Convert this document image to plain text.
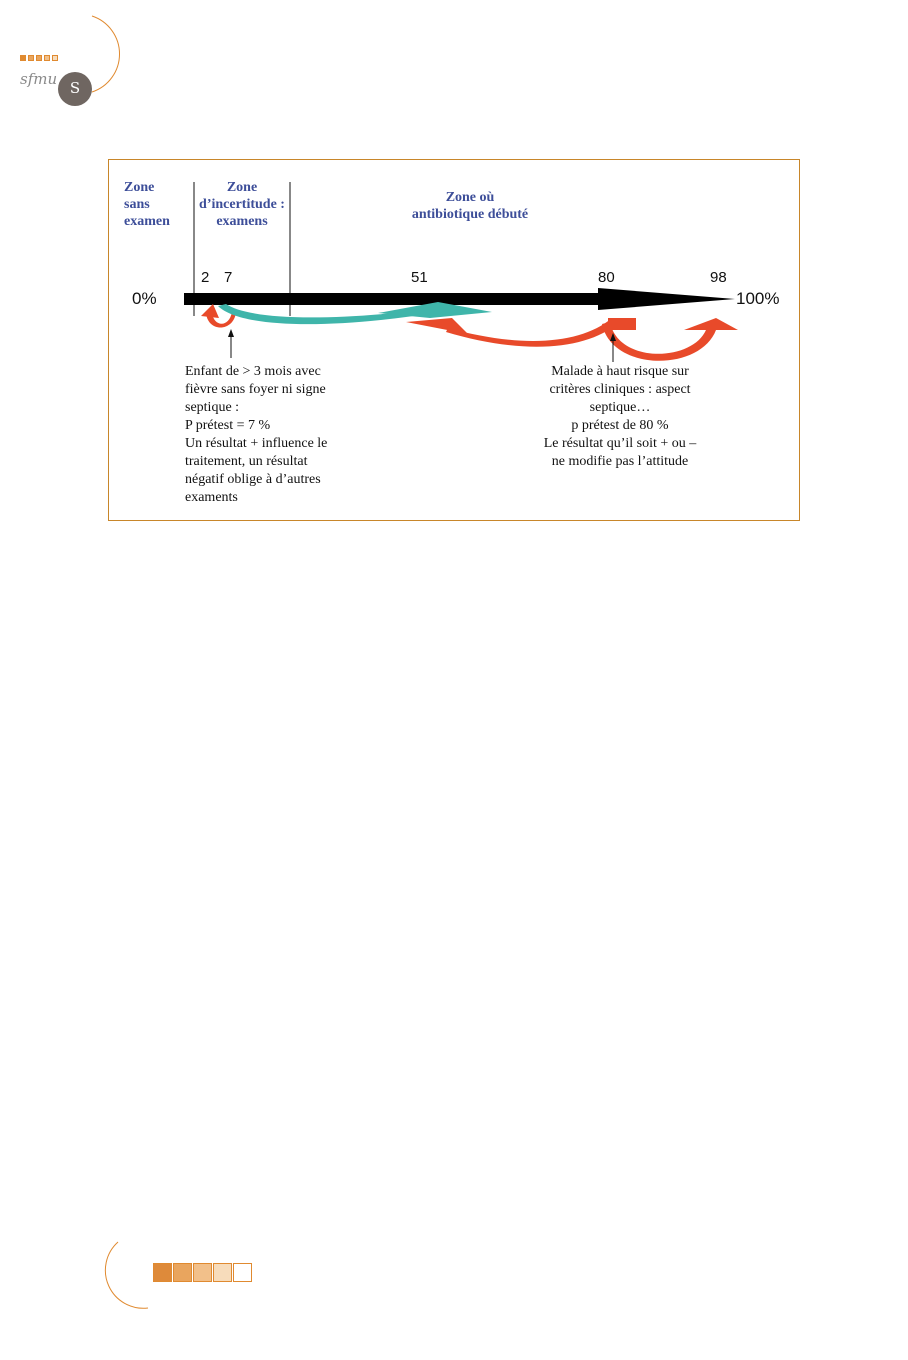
sfmu S
Zone
sans
examen
Zone
d’incertitude :
examens
Zone où
antibiotique débuté
2 7	51	80	98
0%	100%
Enfant de > 3 mois avec
fièvre sans foyer ni signe
septique :
P prétest = 7 %
Un résultat + influence le
traitement, un résultat
négatif oblige à d’autres
examents
Malade à haut risque sur
critères cliniques : aspect
septique…
p prétest de 80 %
Le résultat qu’il soit + ou –
ne modifie pas l’attitude
